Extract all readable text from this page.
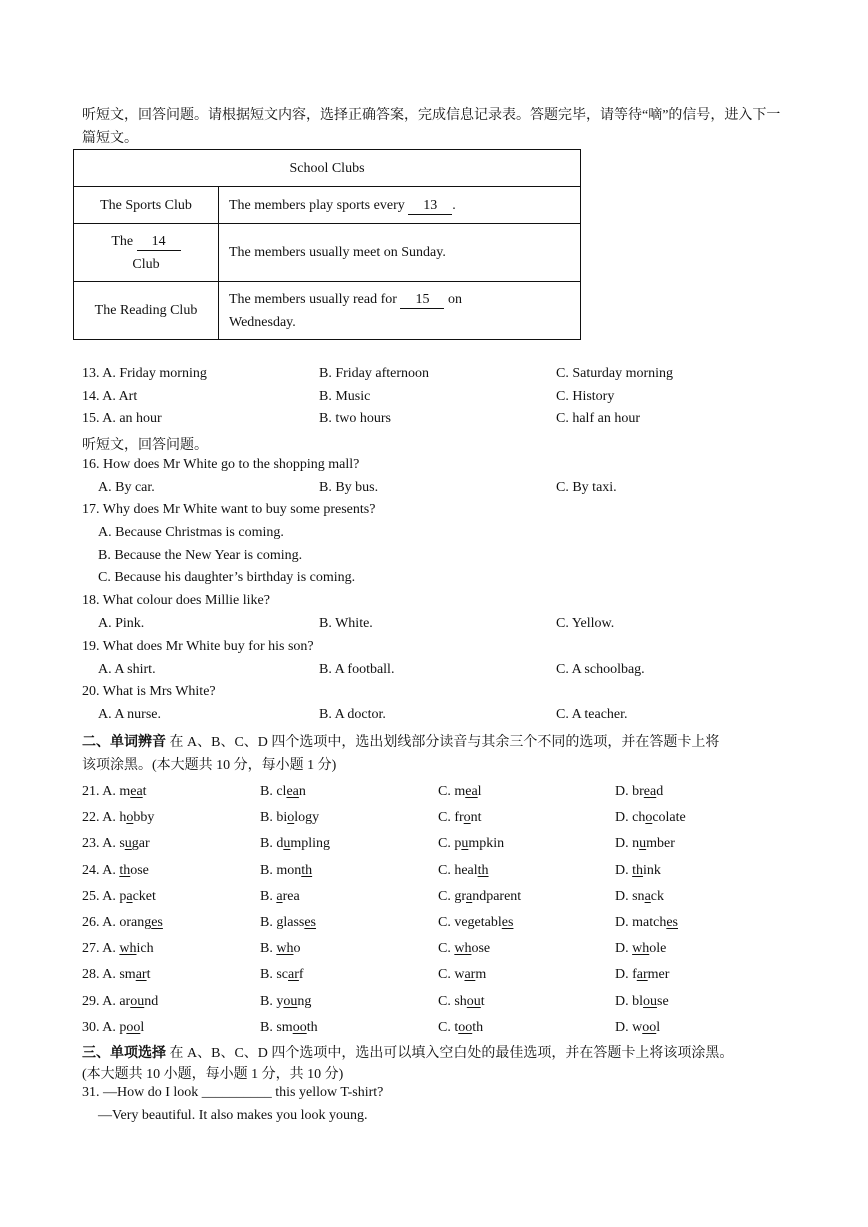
听短文，回答问题。请根据短文内容，选择正确答案，完成信息记录表。答题完毕，请等待“嘀”的信号，进入下一篇短文。
School Clubs	
The Sports Club	The members play sports every 13 .
The 14
Club	The members usually meet on Sunday.
The Reading Club	The members usually read for 15 on
Wednesday.
13. A. Friday morning	B. Friday afternoon	C. Saturday morning
14. A. Art	B. Music	C. History
15. A. an hour	B. two hours	C. half an hour
听短文，回答问题。
16. How does Mr White go to the shopping mall?
A. By car.	B. By bus.	C. By taxi.
17. Why does Mr White want to buy some presents?
A. Because Christmas is coming.
B. Because the New Year is coming.
C. Because his daughter’s birthday is coming.
18. What colour does Millie like?
A. Pink.	B. White.	C. Yellow.
19. What does Mr White buy for his son?
A. A shirt.	B. A football.	C. A schoolbag.
20. What is Mrs White?
A. A nurse.	B. A doctor.	C. A teacher.
二、单词辨音 在 A、B、C、D 四个选项中，选出划线部分读音与其余三个不同的选项，并在答题卡上将
该项涂黑。(本大题共 10 分，每小题 1 分)
21. A. meat	B. clean	C. meal	D. bread
22. A. hobby	B. biology	C. front	D. chocolate
23. A. sugar	B. dumpling	C. pumpkin	D. number
24. A. those	B. month	C. health	D. think
25. A. packet	B. area	C. grandparent	D. snack
26. A. oranges	B. glasses	C. vegetables	D. matches
27. A. which	B. who	C. whose	D. whole
28. A. smart	B. scarf	C. warm	D. farmer
29. A. around	B. young	C. shout	D. blouse
30. A. pool	B. smooth	C. tooth	D. wool
三、单项选择 在 A、B、C、D 四个选项中，选出可以填入空白处的最佳选项，并在答题卡上将该项涂黑。
(本大题共 10 小题，每小题 1 分，共 10 分)
31. —How do I look __________ this yellow T-shirt?
—Very beautiful. It also makes you look young.
